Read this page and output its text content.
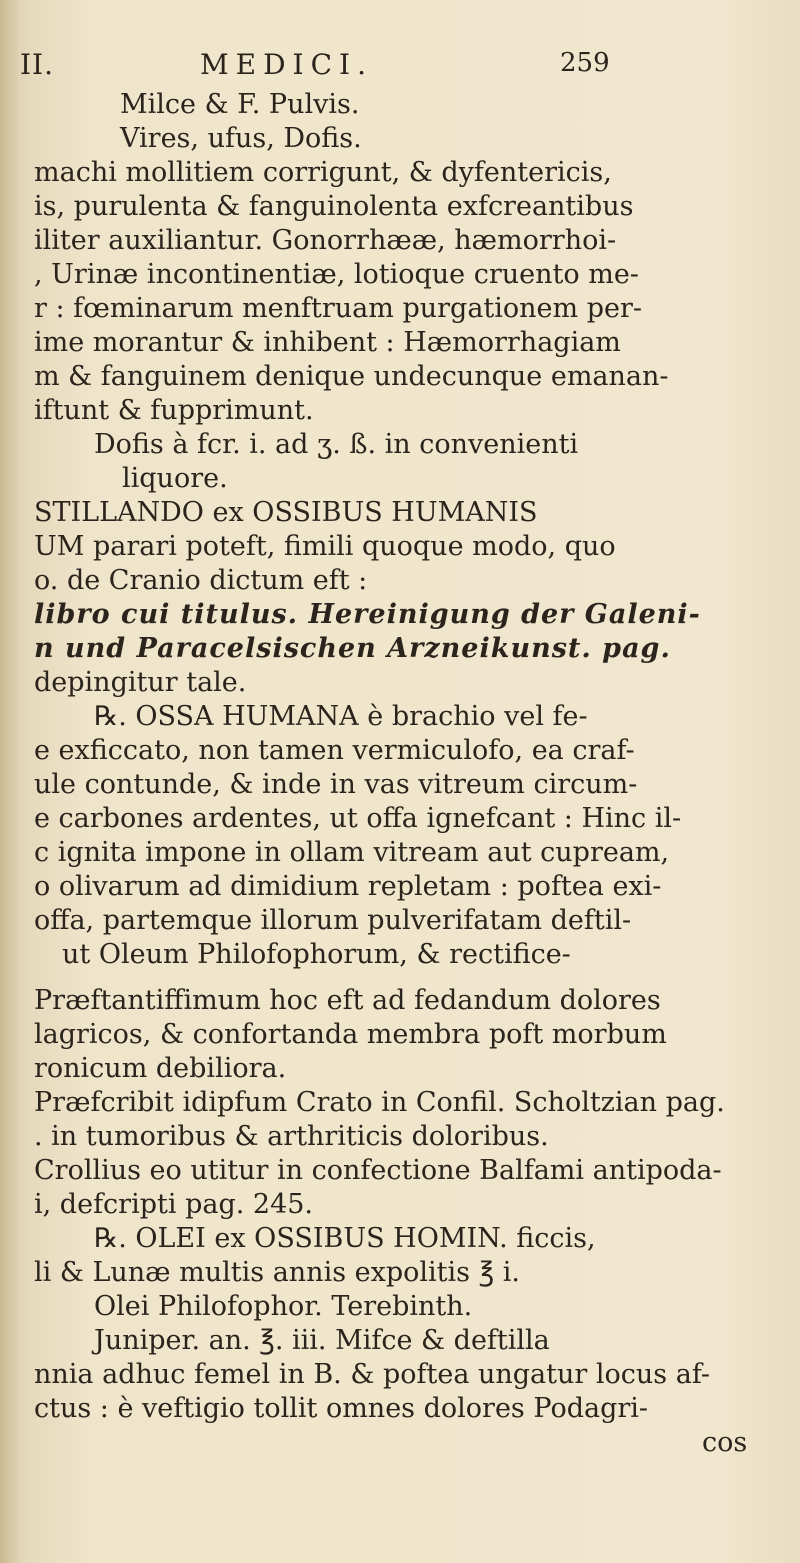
II.	MEDICI.	259
Milce & F. Pulvis.
Vires, ufus, Dofis.
machi mollitiem corrigunt, & dyfentericis,
is, purulenta & fanguinolenta exfcreantibus
iliter auxiliantur. Gonorrhææ, hæmorrhoi-
, Urinæ incontinentiæ, lotioque cruento me-
r : fœminarum menftruam purgationem per-
ime morantur & inhibent : Hæmorrhagiam
m & fanguinem denique undecunque emanan-
iftunt & fupprimunt.
Dofis à fcr. i. ad ʒ. ß. in convenienti
liquore.
STILLANDO ex OSSIBUS HUMANIS
UM parari poteft, fimili quoque modo, quo
o. de Cranio dictum eft :
libro cui titulus. Hereinigung der Galeni-
n und Paracelsischen Arzneikunst. pag.
depingitur tale.
℞. OSSA HUMANA è brachio vel fe-
e exficcato, non tamen vermiculofo, ea craf-
ule contunde, & inde in vas vitreum circum-
e carbones ardentes, ut offa ignefcant : Hinc il-
c ignita impone in ollam vitream aut cupream,
o olivarum ad dimidium repletam : poftea exi-
offa, partemque illorum pulverifatam deftil-
ut Oleum Philofophorum, & rectifice-
Præftantiffimum hoc eft ad fedandum dolores
lagricos, & confortanda membra poft morbum
ronicum debiliora.
Præfcribit idipfum Crato in Confil. Scholtzian pag.
. in tumoribus & arthriticis doloribus.
Crollius eo utitur in confectione Balfami antipoda-
i, defcripti pag. 245.
℞. OLEI ex OSSIBUS HOMIN. ficcis,
li & Lunæ multis annis expolitis ℥ i.
Olei Philofophor. Terebinth.
Juniper. an. ℥. iii. Mifce & deftilla
nnia adhuc femel in B. & poftea ungatur locus af-
ctus : è veftigio tollit omnes dolores Podagri-
cos
